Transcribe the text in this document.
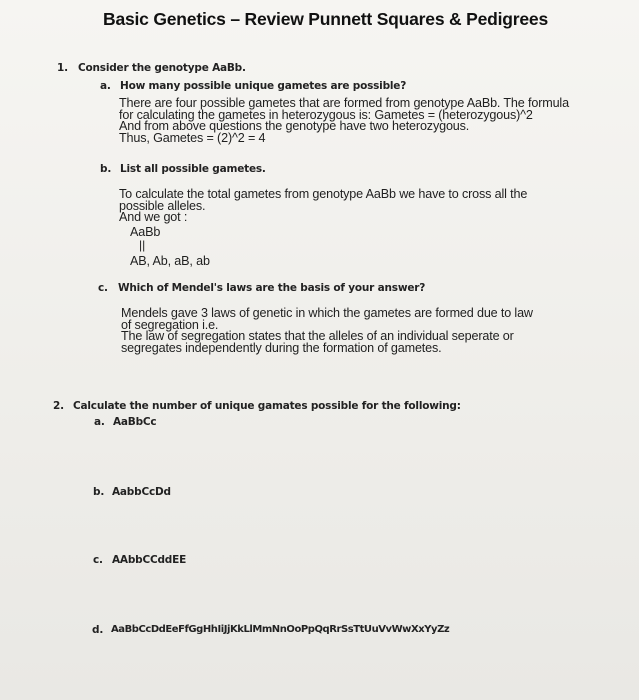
Basic Genetics – Review Punnett Squares & Pedigrees
1. Consider the genotype AaBb.
a. How many possible unique gametes are possible?
There are four possible gametes that are formed from genotype AaBb. The formula
for calculating the gametes in heterozygous is: Gametes = (heterozygous)^2
And from above questions the genotype have two heterozygous.
Thus, Gametes = (2)^2 = 4
b. List all possible gametes.
To calculate the total gametes from genotype AaBb we have to cross all the
possible alleles.
And we got :
AaBb
||
AB, Ab, aB, ab
c. Which of Mendel's laws are the basis of your answer?
Mendels gave 3 laws of genetic in which the gametes are formed due to law
of segregation i.e.
The law of segregation states that the alleles of an individual seperate or
segregates independently during the formation of gametes.
2. Calculate the number of unique gamates possible for the following:
a. AaBbCc
b. AabbCcDd
c. AAbbCCddEE
d. AaBbCcDdEeFfGgHhIiJjKkLlMmNnOoPpQqRrSsTtUuVvWwXxYyZz
